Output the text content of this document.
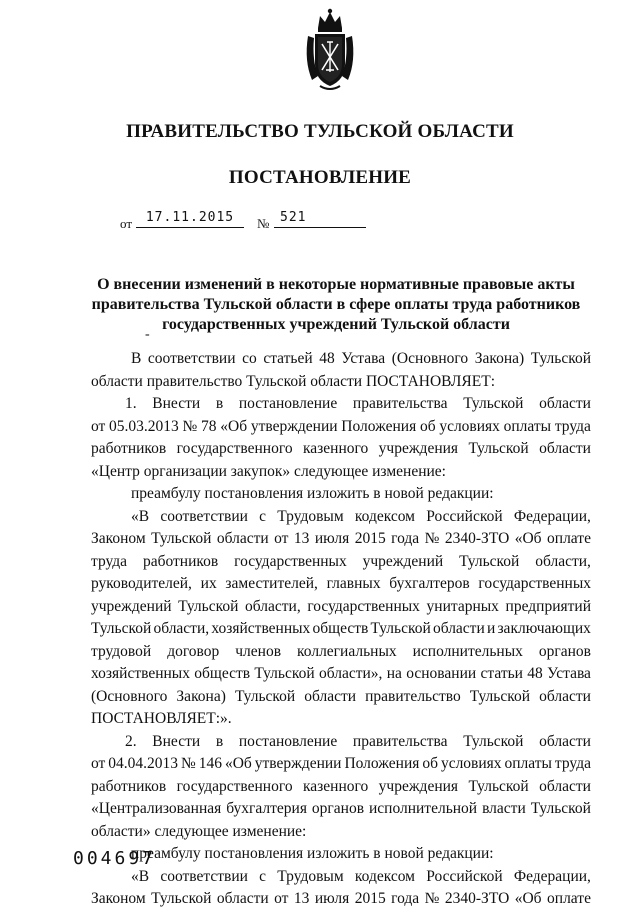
ПРАВИТЕЛЬСТВО ТУЛЬСКОЙ ОБЛАСТИ
ПОСТАНОВЛЕНИЕ
от	17.11.2015	№ 521
О внесении изменений в некоторые нормативные правовые акты
правительства Тульской области в сфере оплаты труда работников
государственных учреждений Тульской области
-
В соответствии со статьей 48 Устава (Основного Закона) Тульской
области правительство Тульской области ПОСТАНОВЛЯЕТ:
1. Внести в постановление правительства Тульской области
от 05.03.2013 № 78 «Об утверждении Положения об условиях оплаты труда
работников государственного казенного учреждения Тульской области
«Центр организации закупок» следующее изменение:
преамбулу постановления изложить в новой редакции:
«В соответствии с Трудовым кодексом Российской Федерации,
Законом Тульской области от 13 июля 2015 года № 2340-ЗТО «Об оплате
труда работников государственных учреждений Тульской области,
руководителей, их заместителей, главных бухгалтеров государственных
учреждений Тульской области, государственных унитарных предприятий
Тульской области, хозяйственных обществ Тульской области и заключающих
трудовой договор членов коллегиальных исполнительных органов
хозяйственных обществ Тульской области», на основании статьи 48 Устава
(Основного Закона) Тульской области правительство Тульской области
ПОСТАНОВЛЯЕТ:».
2. Внести в постановление правительства Тульской области
от 04.04.2013 № 146 «Об утверждении Положения об условиях оплаты труда
работников государственного казенного учреждения Тульской области
«Централизованная бухгалтерия органов исполнительной власти Тульской
области» следующее изменение:
преамбулу постановления изложить в новой редакции:
«В соответствии с Трудовым кодексом Российской Федерации,
Законом Тульской области от 13 июля 2015 года № 2340-ЗТО «Об оплате
004697
